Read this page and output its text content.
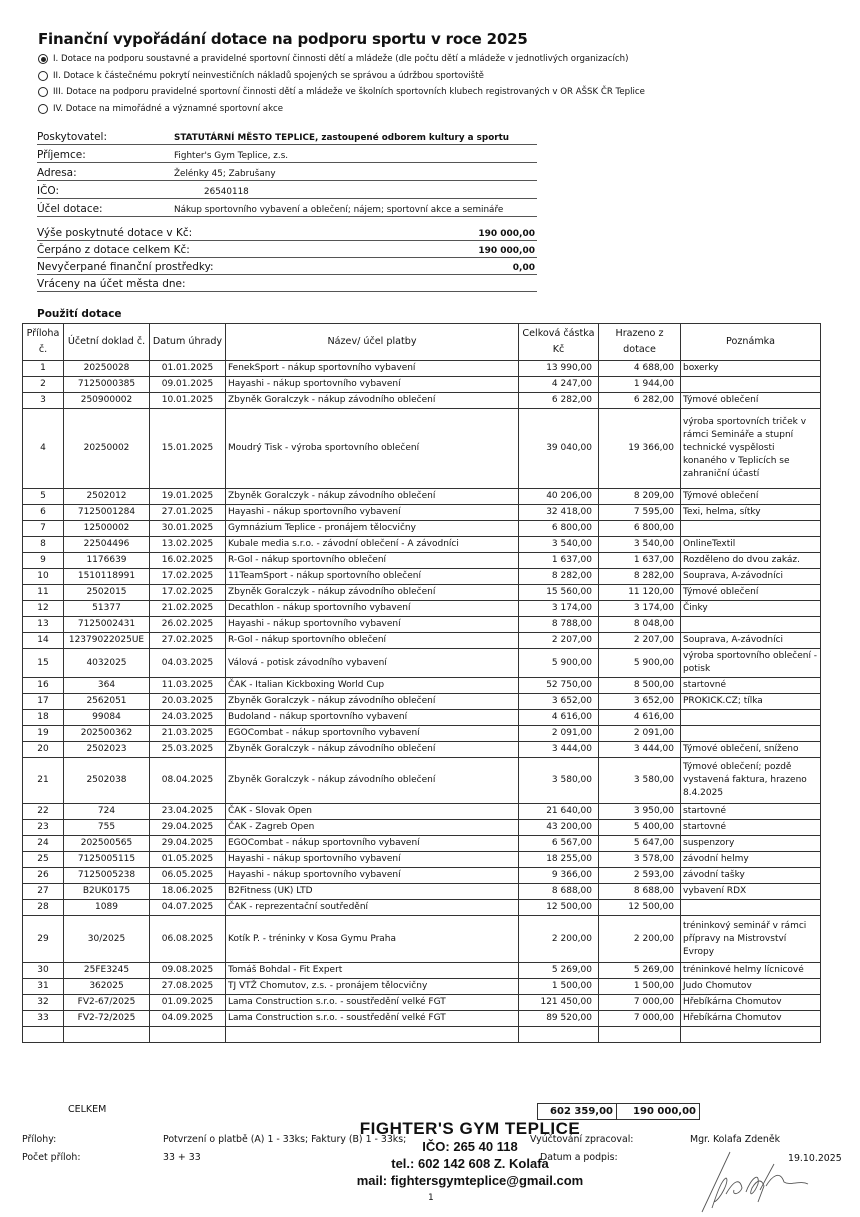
Finanční vypořádání dotace na podporu sportu v roce 2025
I. Dotace na podporu soustavné a pravidelné sportovní činnosti dětí a mládeže (dle počtu dětí a mládeže v jednotlivých organizacích)
II. Dotace k částečnému pokrytí neinvestičních nákladů spojených se správou a údržbou sportoviště
III. Dotace na podporu pravidelné sportovní činnosti dětí a mládeže ve školních sportovních klubech registrovaných v OR AŠSK ČR Teplice
IV. Dotace na mimořádné a významné sportovní akce
Poskytovatel:	STATUTÁRNÍ MĚSTO TEPLICE, zastoupené odborem kultury a sportu
Příjemce:	Fighter's Gym Teplice, z.s.
Adresa:	Želénky 45; Zabrušany
IČO:	26540118
Účel dotace:	Nákup sportovního vybavení a oblečení; nájem; sportovní akce a semináře
Výše poskytnuté dotace v Kč:	190 000,00
Čerpáno z dotace celkem Kč:	190 000,00
Nevyčerpané finanční prostředky:	0,00
Vráceny na účet města dne:
Použití dotace
Příloha č.	Účetní doklad č.	Datum úhrady	Název/ účel platby	Celková částka Kč	Hrazeno z dotace	Poznámka
1	20250028	01.01.2025	FenekSport - nákup sportovního vybavení	13 990,00	4 688,00	boxerky
2	7125000385	09.01.2025	Hayashi - nákup sportovního vybavení	4 247,00	1 944,00	
3	250900002	10.01.2025	Zbyněk Goralczyk - nákup závodního oblečení	6 282,00	6 282,00	Týmové oblečení
4	20250002	15.01.2025	Moudrý Tisk - výroba sportovního oblečení	39 040,00	19 366,00	výroba sportovních triček v rámci Semináře a stupní technické vyspělosti konaného v Teplicích se zahraniční účastí
5	2502012	19.01.2025	Zbyněk Goralczyk - nákup závodního oblečení	40 206,00	8 209,00	Týmové oblečení
6	7125001284	27.01.2025	Hayashi - nákup sportovního vybavení	32 418,00	7 595,00	Texi, helma, sítky
7	12500002	30.01.2025	Gymnázium Teplice - pronájem tělocvičny	6 800,00	6 800,00	
8	22504496	13.02.2025	Kubale media s.r.o. - závodní oblečení - A závodníci	3 540,00	3 540,00	OnlineTextil
9	1176639	16.02.2025	R-Gol - nákup sportovního oblečení	1 637,00	1 637,00	Rozděleno do dvou zakáz.
10	1510118991	17.02.2025	11TeamSport - nákup sportovního oblečení	8 282,00	8 282,00	Souprava, A-závodníci
11	2502015	17.02.2025	Zbyněk Goralczyk - nákup závodního oblečení	15 560,00	11 120,00	Týmové oblečení
12	51377	21.02.2025	Decathlon - nákup sportovního vybavení	3 174,00	3 174,00	Činky
13	7125002431	26.02.2025	Hayashi - nákup sportovního vybavení	8 788,00	8 048,00	
14	12379022025UE	27.02.2025	R-Gol - nákup sportovního oblečení	2 207,00	2 207,00	Souprava, A-závodníci
15	4032025	04.03.2025	Válová - potisk závodního vybavení	5 900,00	5 900,00	výroba sportovního oblečení - potisk
16	364	11.03.2025	ČAK - Italian Kickboxing World Cup	52 750,00	8 500,00	startovné
17	2562051	20.03.2025	Zbyněk Goralczyk - nákup závodního oblečení	3 652,00	3 652,00	PROKICK.CZ; tílka
18	99084	24.03.2025	Budoland - nákup sportovního vybavení	4 616,00	4 616,00	
19	202500362	21.03.2025	EGOCombat - nákup sportovního vybavení	2 091,00	2 091,00	
20	2502023	25.03.2025	Zbyněk Goralczyk - nákup závodního oblečení	3 444,00	3 444,00	Týmové oblečení, sníženo
21	2502038	08.04.2025	Zbyněk Goralczyk - nákup závodního oblečení	3 580,00	3 580,00	Týmové oblečení; pozdě vystavená faktura, hrazeno 8.4.2025
22	724	23.04.2025	ČAK - Slovak Open	21 640,00	3 950,00	startovné
23	755	29.04.2025	ČAK - Zagreb Open	43 200,00	5 400,00	startovné
24	202500565	29.04.2025	EGOCombat - nákup sportovního vybavení	6 567,00	5 647,00	suspenzory
25	7125005115	01.05.2025	Hayashi - nákup sportovního vybavení	18 255,00	3 578,00	závodní helmy
26	7125005238	06.05.2025	Hayashi - nákup sportovního vybavení	9 366,00	2 593,00	závodní tašky
27	B2UK0175	18.06.2025	B2Fitness (UK) LTD	8 688,00	8 688,00	vybavení RDX
28	1089	04.07.2025	ČAK - reprezentační soutředění	12 500,00	12 500,00	
29	30/2025	06.08.2025	Kotík P. - tréninky v Kosa Gymu Praha	2 200,00	2 200,00	tréninkový seminář v rámci přípravy na Mistrovství Evropy
30	25FE3245	09.08.2025	Tomáš Bohdal - Fit Expert	5 269,00	5 269,00	tréninkové helmy lícnicové
31	362025	27.08.2025	TJ VTŽ Chomutov, z.s. - pronájem tělocvičny	1 500,00	1 500,00	Judo Chomutov
32	FV2-67/2025	01.09.2025	Lama Construction s.r.o. - soustředění velké FGT	121 450,00	7 000,00	Hřebíkárna Chomutov
33	FV2-72/2025	04.09.2025	Lama Construction s.r.o. - soustředění velké FGT	89 520,00	7 000,00	Hřebíkárna Chomutov

CELKEM	602 359,00	190 000,00
Přílohy:	Potvrzení o platbě (A) 1 - 33ks; Faktury (B) 1 - 33ks;
Počet příloh:	33 + 33
Vyúčtování zpracoval:	Mgr. Kolafa Zdeněk
Datum a podpis:	19.10.2025
FIGHTER'S GYM TEPLICE
IČO: 265 40 118
tel.: 602 142 608 Z. Kolafa
mail: fightersgymteplice@gmail.com
1
